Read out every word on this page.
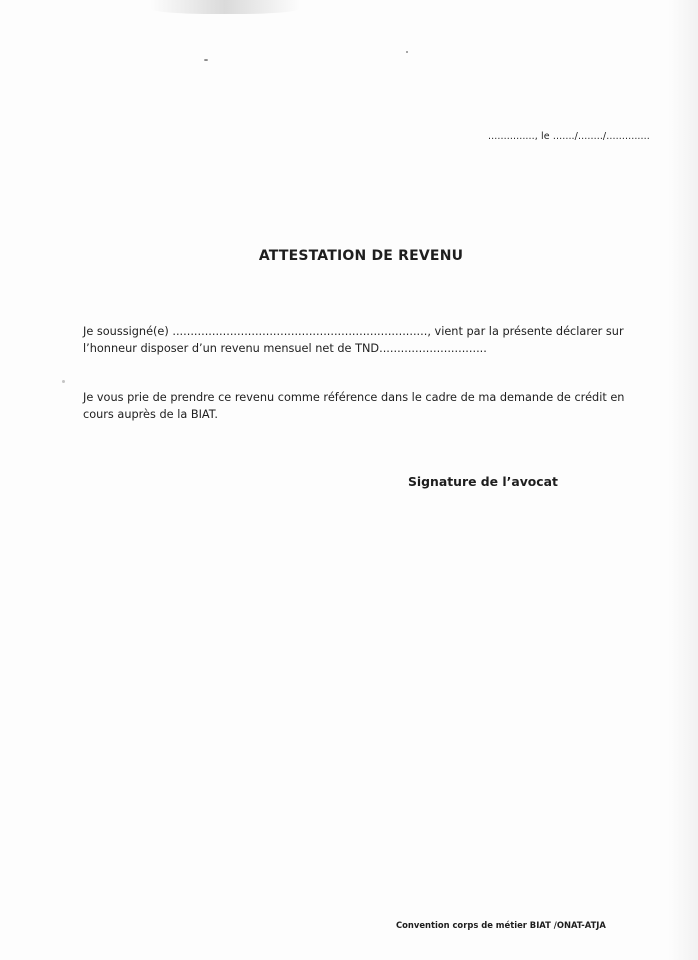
..............., le ......./......../..............
ATTESTATION DE REVENU
Je soussigné(e) ......................................................................., vient par la présente déclarer sur
l’honneur disposer d’un revenu mensuel net de TND..............................
Je vous prie de prendre ce revenu comme référence dans le cadre de ma demande de crédit en
cours auprès de la BIAT.
Signature de l’avocat
Convention corps de métier BIAT /ONAT-ATJA
